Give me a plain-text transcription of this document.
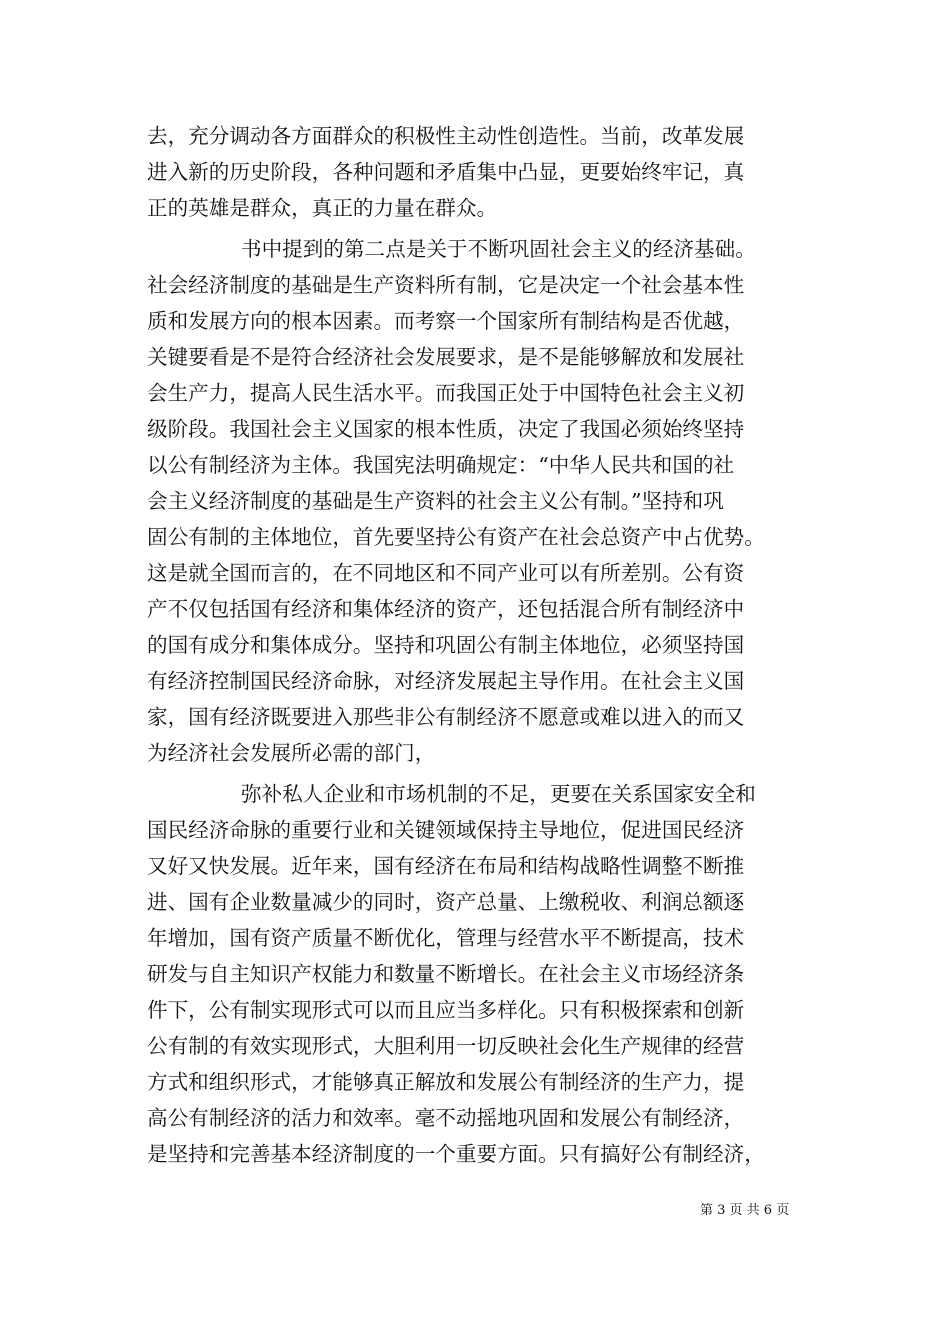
去，充分调动各方面群众的积极性主动性创造性。当前，改革发展
进入新的历史阶段，各种问题和矛盾集中凸显，更要始终牢记，真
正的英雄是群众，真正的力量在群众。
书中提到的第二点是关于不断巩固社会主义的经济基础。
社会经济制度的基础是生产资料所有制，它是决定一个社会基本性
质和发展方向的根本因素。而考察一个国家所有制结构是否优越，
关键要看是不是符合经济社会发展要求，是不是能够解放和发展社
会生产力，提高人民生活水平。而我国正处于中国特色社会主义初
级阶段。我国社会主义国家的根本性质，决定了我国必须始终坚持
以公有制经济为主体。我国宪法明确规定：“中华人民共和国的社
会主义经济制度的基础是生产资料的社会主义公有制。”坚持和巩
固公有制的主体地位，首先要坚持公有资产在社会总资产中占优势。
这是就全国而言的，在不同地区和不同产业可以有所差别。公有资
产不仅包括国有经济和集体经济的资产，还包括混合所有制经济中
的国有成分和集体成分。坚持和巩固公有制主体地位，必须坚持国
有经济控制国民经济命脉，对经济发展起主导作用。在社会主义国
家，国有经济既要进入那些非公有制经济不愿意或难以进入的而又
为经济社会发展所必需的部门，
弥补私人企业和市场机制的不足，更要在关系国家安全和
国民经济命脉的重要行业和关键领域保持主导地位，促进国民经济
又好又快发展。近年来，国有经济在布局和结构战略性调整不断推
进、国有企业数量减少的同时，资产总量、上缴税收、利润总额逐
年增加，国有资产质量不断优化，管理与经营水平不断提高，技术
研发与自主知识产权能力和数量不断增长。在社会主义市场经济条
件下，公有制实现形式可以而且应当多样化。只有积极探索和创新
公有制的有效实现形式，大胆利用一切反映社会化生产规律的经营
方式和组织形式，才能够真正解放和发展公有制经济的生产力，提
高公有制经济的活力和效率。毫不动摇地巩固和发展公有制经济，
是坚持和完善基本经济制度的一个重要方面。只有搞好公有制经济，
第 3 页 共 6 页
